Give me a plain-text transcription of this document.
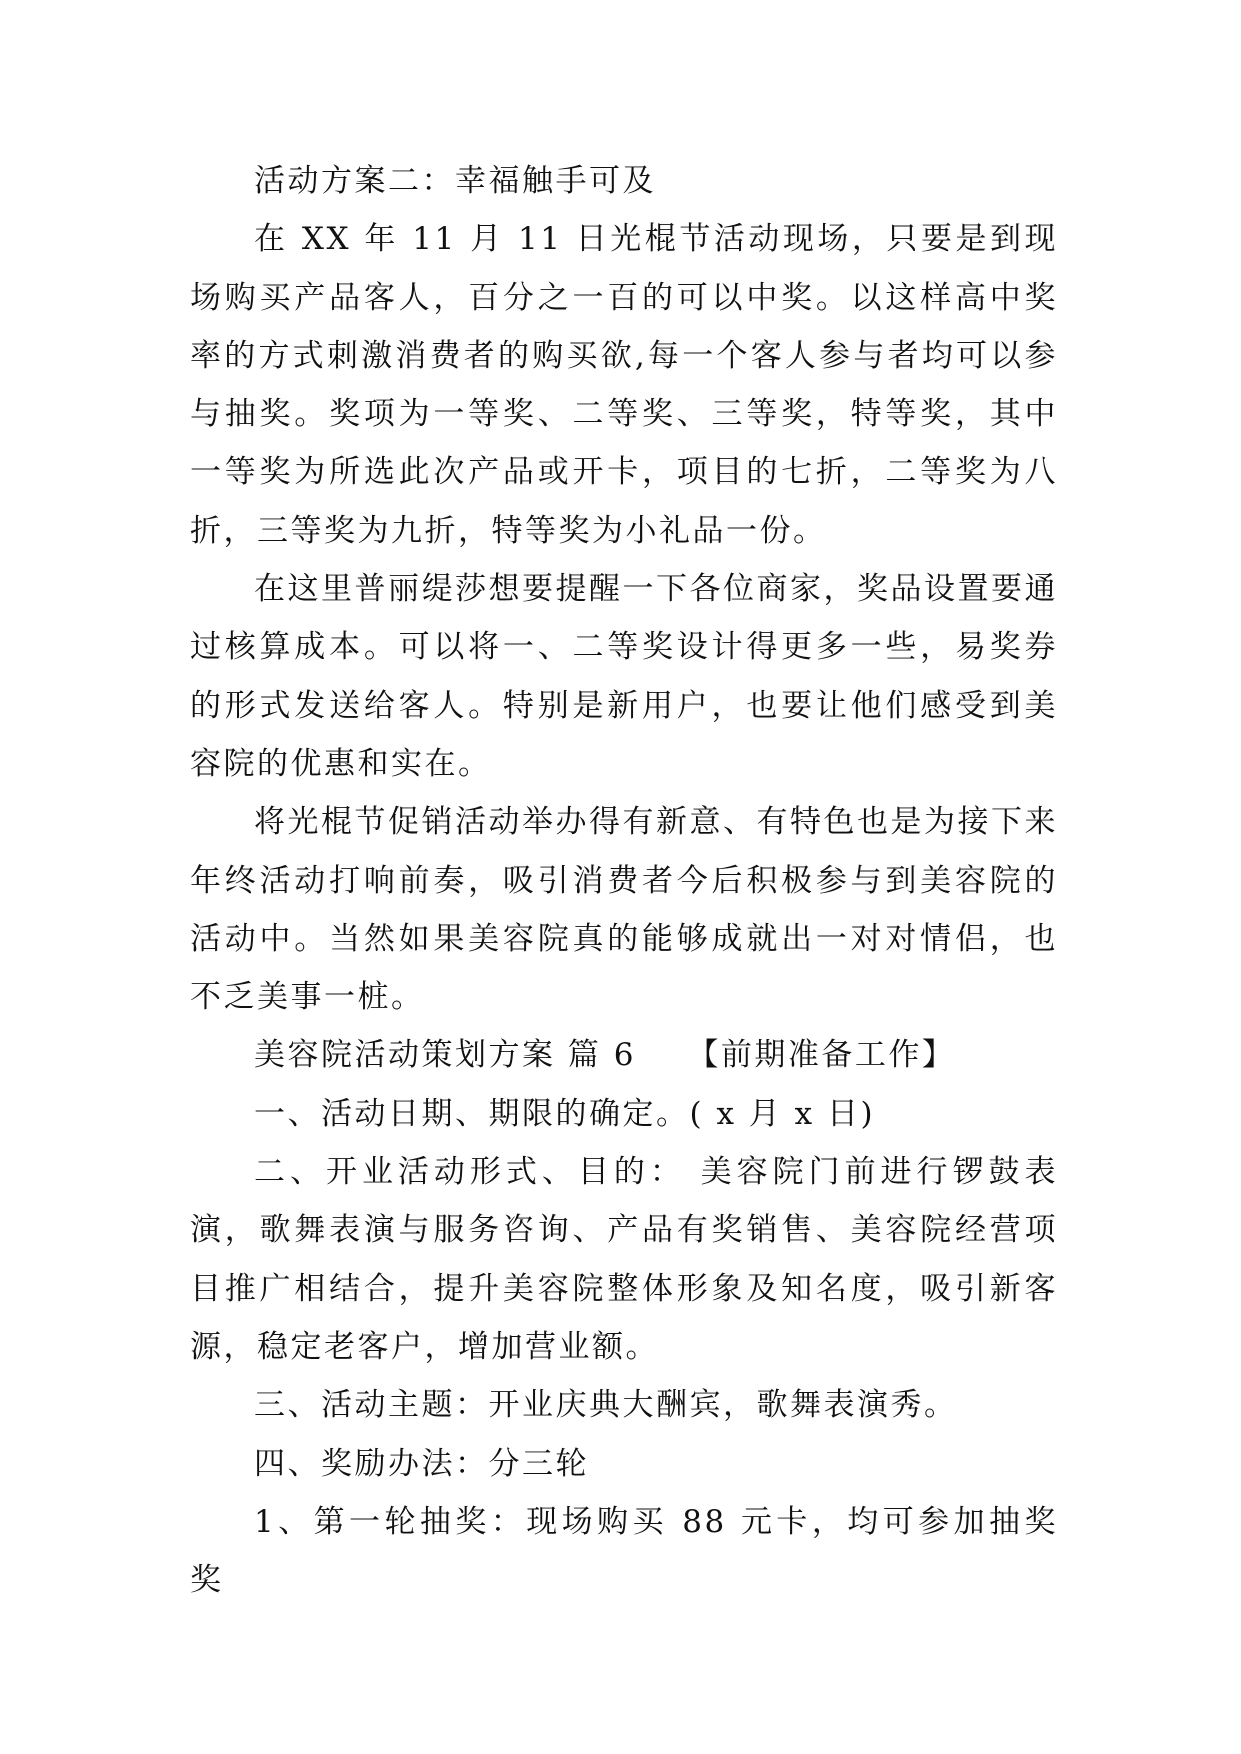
活动方案二：幸福触手可及

在 XX 年 11 月 11 日光棍节活动现场，只要是到现场购买产品客人，百分之一百的可以中奖。以这样高中奖率的方式刺激消费者的购买欲,每一个客人参与者均可以参与抽奖。奖项为一等奖、二等奖、三等奖，特等奖，其中一等奖为所选此次产品或开卡，项目的七折，二等奖为八折，三等奖为九折，特等奖为小礼品一份。

在这里普丽缇莎想要提醒一下各位商家，奖品设置要通过核算成本。可以将一、二等奖设计得更多一些，易奖券的形式发送给客人。特别是新用户，也要让他们感受到美容院的优惠和实在。

将光棍节促销活动举办得有新意、有特色也是为接下来年终活动打响前奏，吸引消费者今后积极参与到美容院的活动中。当然如果美容院真的能够成就出一对对情侣，也不乏美事一桩。

美容院活动策划方案 篇 6　　【前期准备工作】

一、活动日期、期限的确定。( x 月 x 日)

二、开业活动形式、目的： 美容院门前进行锣鼓表演，歌舞表演与服务咨询、产品有奖销售、美容院经营项目推广相结合，提升美容院整体形象及知名度，吸引新客源，稳定老客户，增加营业额。

三、活动主题：开业庆典大酬宾，歌舞表演秀。

四、奖励办法：分三轮

1、第一轮抽奖：现场购买 88 元卡，均可参加抽奖 奖
